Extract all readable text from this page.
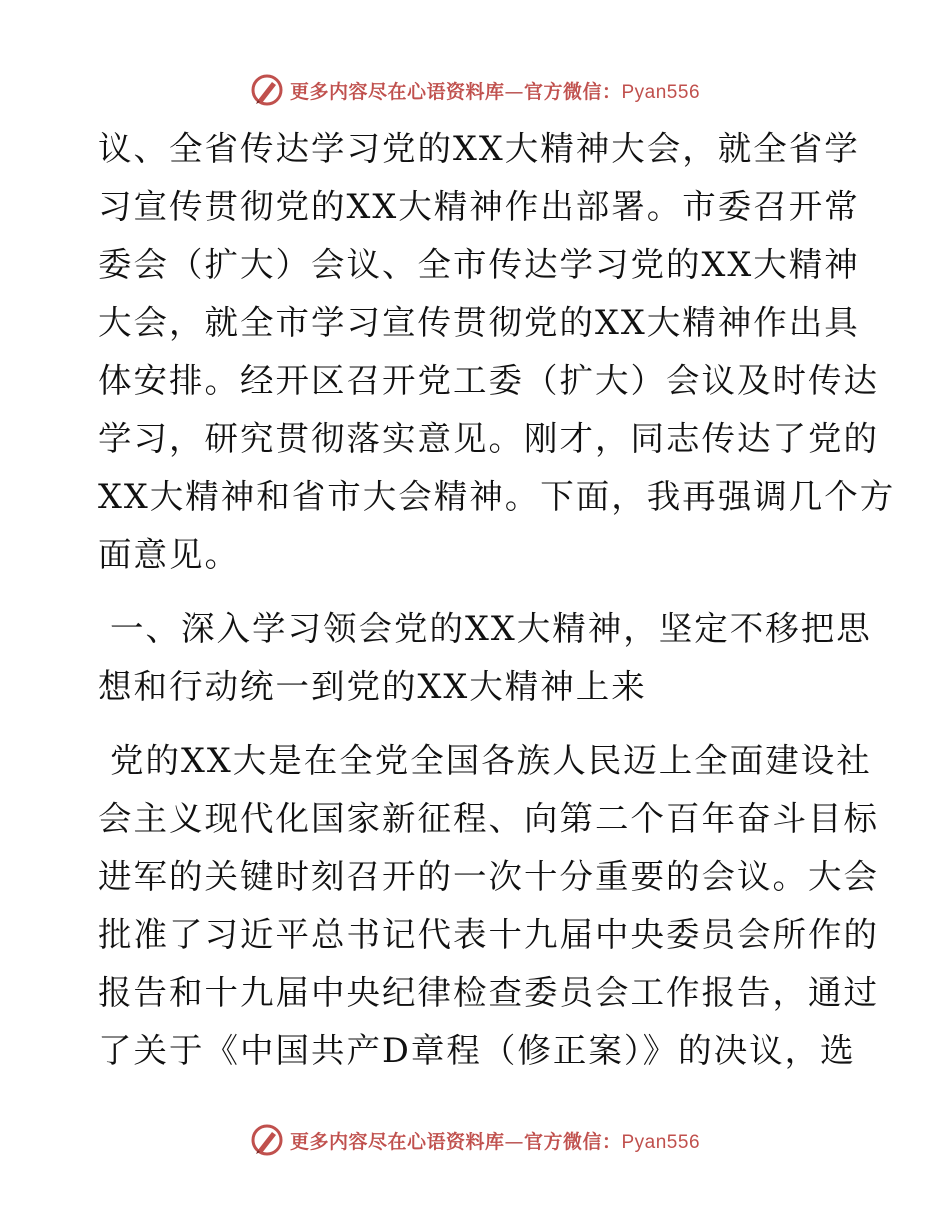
更多内容尽在心语资料库—官方微信：Pyan556
议、全省传达学习党的XX大精神大会，就全省学
习宣传贯彻党的XX大精神作出部署。市委召开常
委会（扩大）会议、全市传达学习党的XX大精神
大会，就全市学习宣传贯彻党的XX大精神作出具
体安排。经开区召开党工委（扩大）会议及时传达
学习，研究贯彻落实意见。刚才，同志传达了党的
XX大精神和省市大会精神。下面，我再强调几个方
面意见。
一、深入学习领会党的XX大精神，坚定不移把思
想和行动统一到党的XX大精神上来
党的XX大是在全党全国各族人民迈上全面建设社
会主义现代化国家新征程、向第二个百年奋斗目标
进军的关键时刻召开的一次十分重要的会议。大会
批准了习近平总书记代表十九届中央委员会所作的
报告和十九届中央纪律检查委员会工作报告，通过
了关于《中国共产D章程（修正案）》的决议，选
更多内容尽在心语资料库—官方微信：Pyan556
